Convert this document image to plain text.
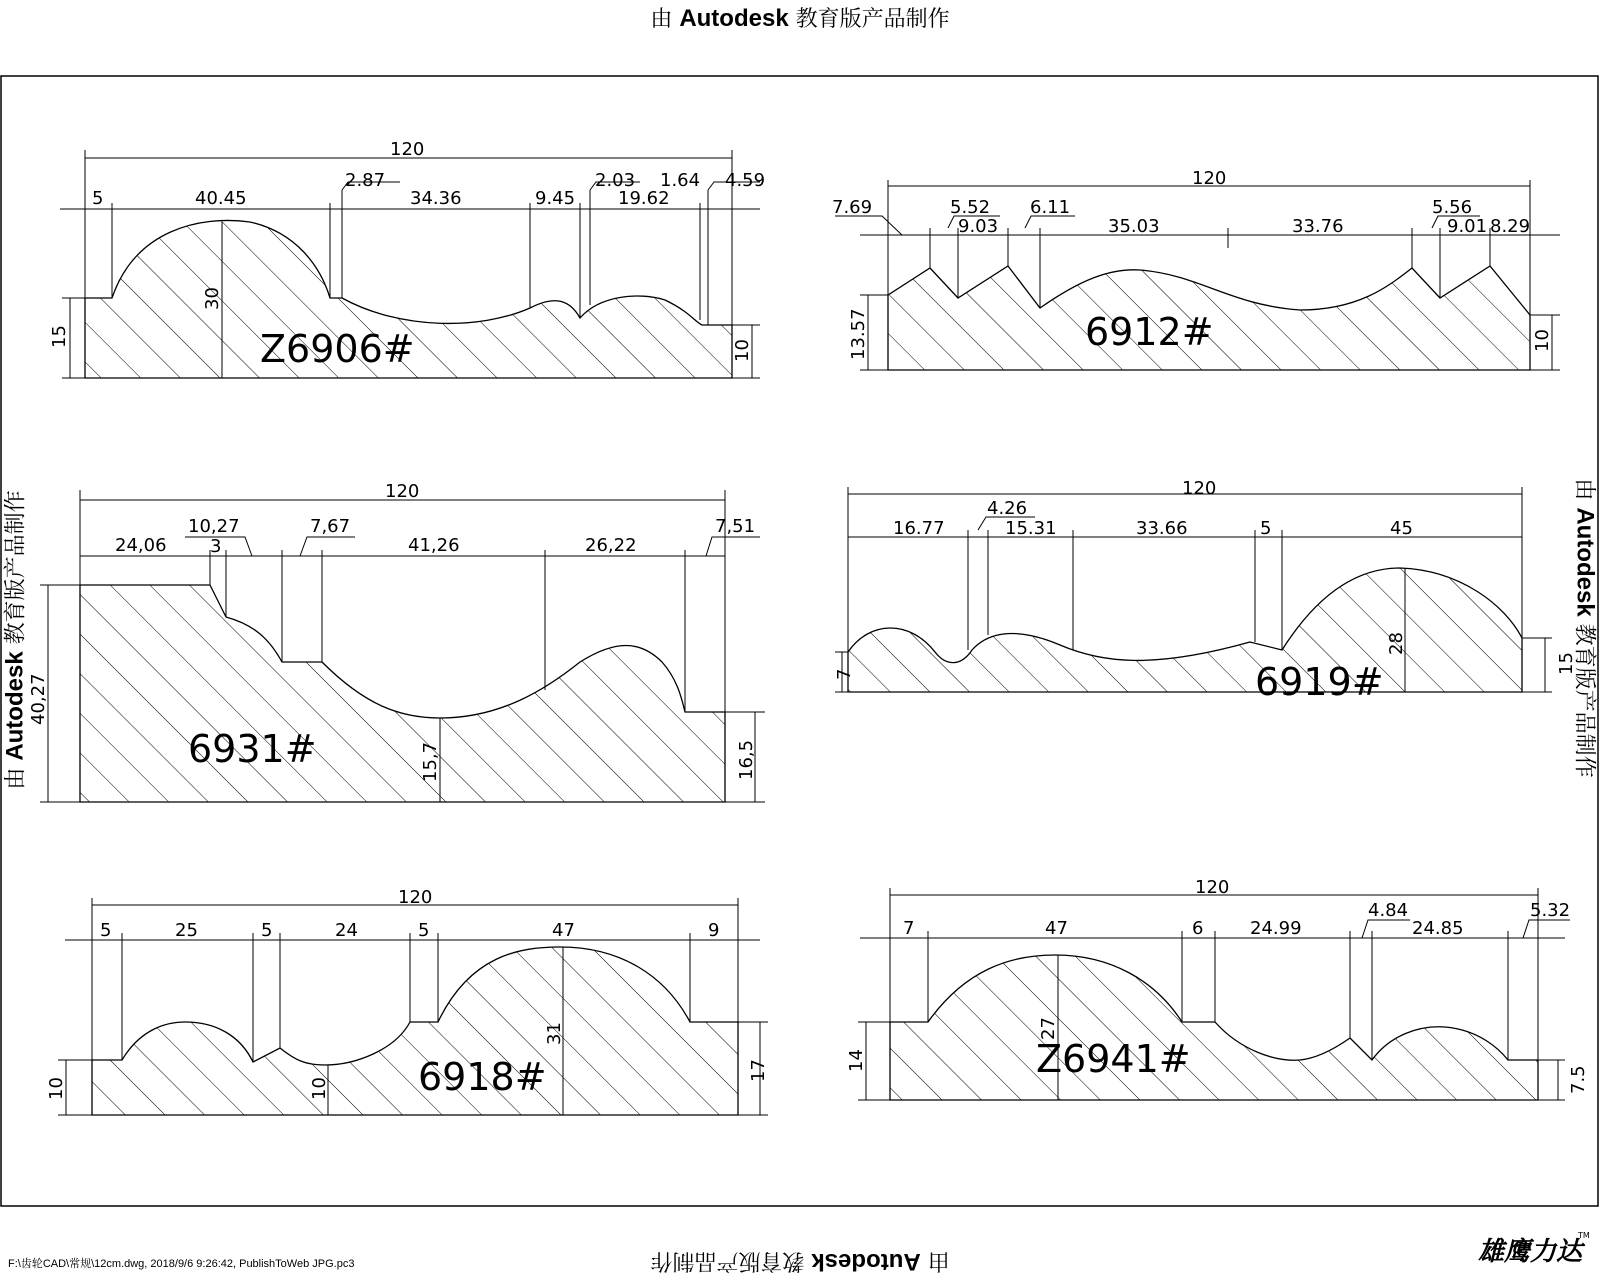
由 Autodesk 教育版产品制作
由 Autodesk 教育版产品制作
由 Autodesk 教育版产品制作	由 Autodesk 教育版产品制作
120
5	40.45
2.87
34.36	9.45
2.03
19.62
1.64 4.59
15
30
10
120
7.69	5.52
9.03
6.11
35.03	33.76
5.56
9.01 8.29
13.57	10
120
24,06
10,27
3
7,67
41,26	26,22
7,51
40,27
15,7	16,5
120
16.77
4.26
15.31	33.66	5	45
7
28
15
120
5	25	5	24	5	47	9
10	10
31
17
120
7	47	6	24.99
4.84
24.85
5.32
14
27
7.5
Z6906#	6912#
6931#
6919#
6918#	Z6941#
F:\齿轮CAD\常规\12cm.dwg, 2018/9/6 9:26:42, PublishToWeb JPG.pc3	雄鹰力达
TM
